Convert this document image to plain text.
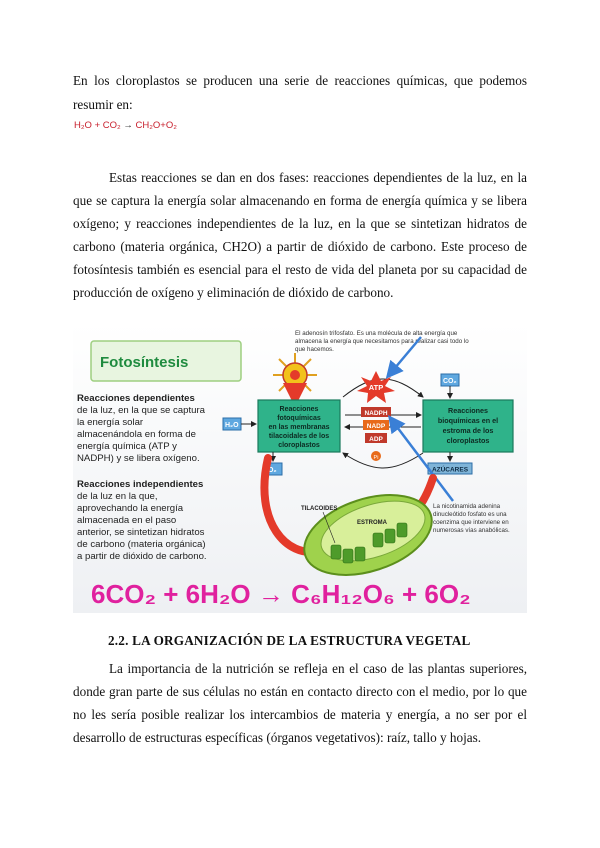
En los cloroplastos se producen una serie de reacciones químicas, que podemos
resumir en:
H₂O + CO₂ → CH₂O+O₂
Estas reacciones se dan en dos fases: reacciones dependientes de la luz, en la
que se captura la energía solar almacenando en forma de energía química y se libera
oxígeno; y reacciones independientes de la luz, en la que se sintetizan hidratos de
carbono (materia orgánica, CH2O) a partir de dióxido de carbono. Este proceso de
fotosíntesis también es esencial para el resto de vida del planeta por su capacidad de
producción de oxígeno y eliminación de dióxido de carbono.
Fotosíntesis
Reacciones dependientes
de la luz, en la que se captura
la energía solar
almacenándola en forma de
energía química (ATP y
NADPH) y se libera oxígeno.
Reacciones independientes
de la luz en la que,
aprovechando la energía
almacenada en el paso
anterior, se sintetizan hidratos
de carbono (materia orgánica)
a partir de dióxido de carbono.
El adenosín trifosfato. Es una molécula de alta energía que
almacena la energía que necesitamos para realizar casi todo lo
que hacemos.
H₂O
Reacciones
fotoquímicas
en las membranas
tilacoidales de los
cloroplastos
O₂
ATP
NADPH
NADP
ADP
Pi
CO₂
Reacciones
bioquímicas en el
estroma de los
cloroplastos
AZÚCARES
TILACOIDES
ESTROMA
La nicotinamida adenina
dinucleótido fosfato es una
coenzima que interviene en
numerosas vías anabólicas.
6CO₂ + 6H₂O → C₆H₁₂O₆ + 6O₂
2.2. LA ORGANIZACIÓN DE LA ESTRUCTURA VEGETAL
La importancia de la nutrición se refleja en el caso de las plantas superiores,
donde gran parte de sus células no están en contacto directo con el medio, por lo que
no les sería posible realizar los intercambios de materia y energía, a no ser por el
desarrollo de estructuras específicas (órganos vegetativos): raíz, tallo y hojas.
